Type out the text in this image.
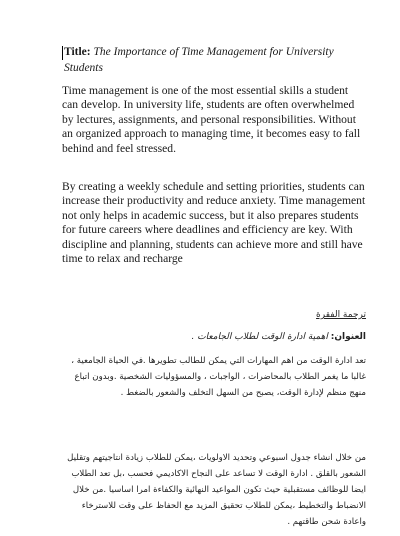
Title: The Importance of Time Management for University Students

Time management is one of the most essential skills a student can develop. In university life, students are often overwhelmed by lectures, assignments, and personal responsibilities. Without an organized approach to managing time, it becomes easy to fall behind and feel stressed.

By creating a weekly schedule and setting priorities, students can increase their productivity and reduce anxiety. Time management not only helps in academic success, but it also prepares students for future careers where deadlines and efficiency are key. With discipline and planning, students can achieve more and still have time to relax and recharge

ترجمة الفقرة
العنوان: اهمية ادارة الوقت لطلاب الجامعات .

تعد ادارة الوقت من اهم المهارات التي يمكن للطالب تطويرها .في الحياة الجامعية ، غالبا ما يغمر الطلاب بالمحاضرات ، الواجبات ، والمسؤوليات الشخصية .وبدون اتباع منهج منظم لإدارة الوقت، يصبح من السهل التخلف والشعور بالضغط .

من خلال انشاء جدول اسبوعي وتحديد الاولويات ،يمكن للطلاب زيادة انتاجيتهم وتقليل الشعور بالقلق . ادارة الوقت لا تساعد على النجاح الاكاديمي فحسب ،بل تعد الطلاب ايضا للوظائف مستقبلية حيث تكون المواعيد النهائية والكفاءة امرا اساسيا .من خلال الانضباط والتخطيط ،يمكن للطلاب تحقيق المزيد مع الحفاظ على وقت للاسترخاء واعادة شحن طاقتهم .
